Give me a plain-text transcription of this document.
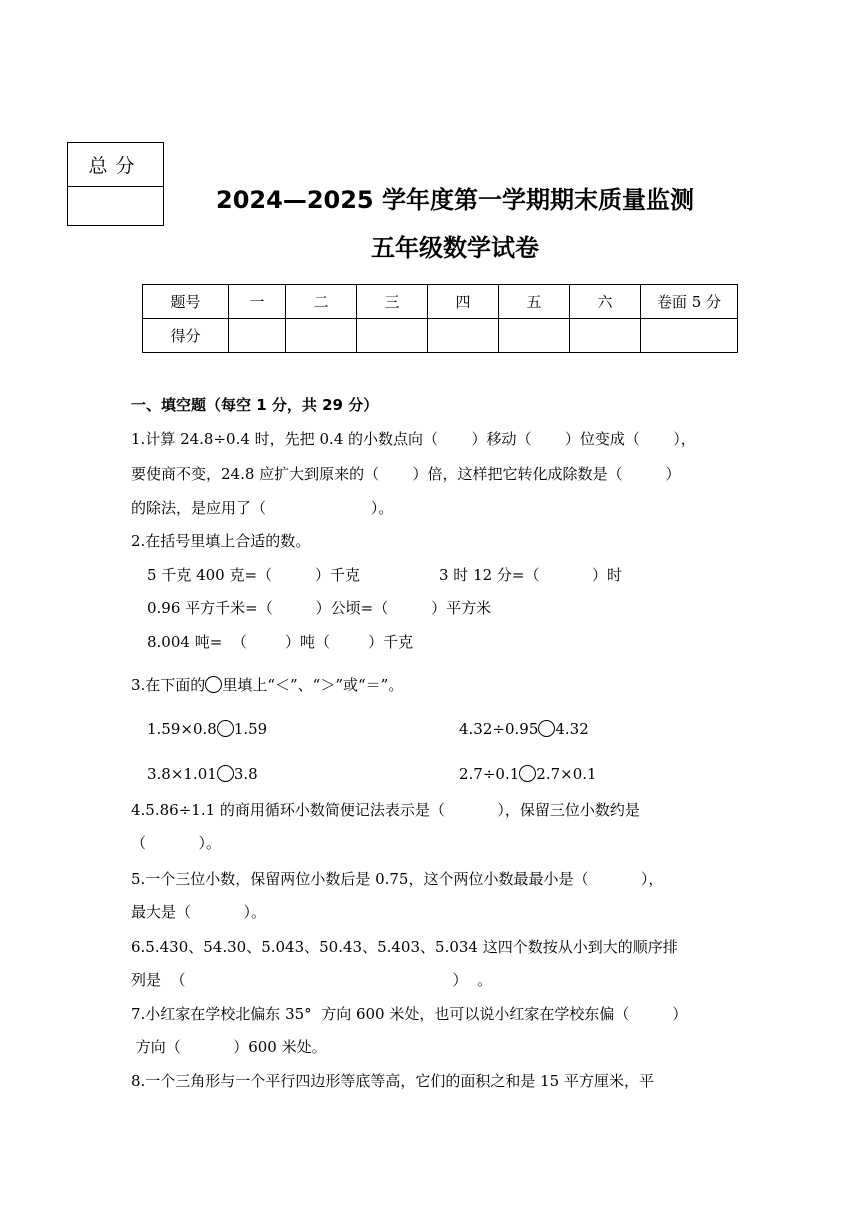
总分
2024—2025 学年度第一学期期末质量监测
五年级数学试卷
题号	一	二	三	四	五	六	卷面 5 分
得分							
一、填空题（每空 1 分，共 29 分）
1.计算 24.8÷0.4 时，先把 0.4 的小数点向（       ）移动（       ）位变成（       ），
要使商不变，24.8 应扩大到原来的（       ）倍，这样把它转化成除数是（         ）
的除法，是应用了（                      ）。
2.在括号里填上合适的数。
5 千克 400 克=（         ）千克	3 时 12 分=（           ）时
0.96 平方千米=（         ）公顷=（         ）平方米
8.004 吨=  （        ）吨（        ）千克
3.在下面的 里填上“＜”、“＞”或“＝”。
1.59×0.8 1.59	4.32÷0.95 4.32
3.8×1.01 3.8	2.7÷0.1 2.7×0.1
4.5.86÷1.1 的商用循环小数简便记法表示是（           ），保留三位小数约是
（           ）。
5.一个三位小数，保留两位小数后是 0.75，这个两位小数最最小是（           ），
最大是（           ）。
6.5.430、54.30、5.043、50.43、5.403、5.034 这四个数按从小到大的顺序排
列是  （                                                        ）  。
7.小红家在学校北偏东 35°  方向 600 米处，也可以说小红家在学校东偏（         ）
方向（           ）600 米处。
8.一个三角形与一个平行四边形等底等高，它们的面积之和是 15 平方厘米，平
